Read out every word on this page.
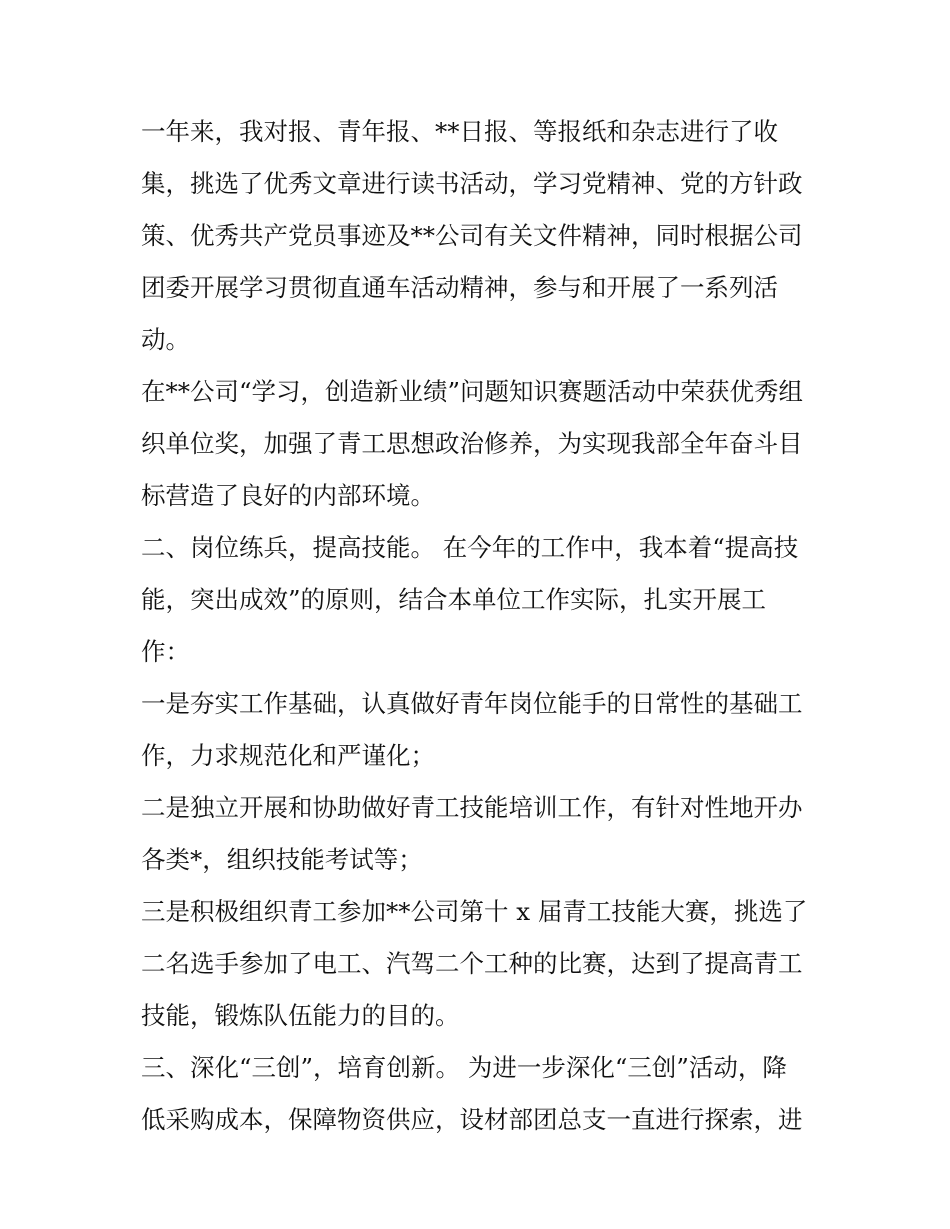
一年来，我对报、青年报、**日报、等报纸和杂志进行了收
集，挑选了优秀文章进行读书活动，学习党精神、党的方针政
策、优秀共产党员事迹及**公司有关文件精神，同时根据公司
团委开展学习贯彻直通车活动精神，参与和开展了一系列活
动。
在**公司“学习，创造新业绩”问题知识赛题活动中荣获优秀组
织单位奖，加强了青工思想政治修养，为实现我部全年奋斗目
标营造了良好的内部环境。
二、岗位练兵，提高技能。 在今年的工作中，我本着“提高技
能，突出成效”的原则，结合本单位工作实际，扎实开展工
作：
一是夯实工作基础，认真做好青年岗位能手的日常性的基础工
作，力求规范化和严谨化；
二是独立开展和协助做好青工技能培训工作，有针对性地开办
各类*，组织技能考试等；
三是积极组织青工参加**公司第十 x 届青工技能大赛，挑选了
二名选手参加了电工、汽驾二个工种的比赛，达到了提高青工
技能，锻炼队伍能力的目的。
三、深化“三创”，培育创新。 为进一步深化“三创”活动，降
低采购成本，保障物资供应，设材部团总支一直进行探索，进
